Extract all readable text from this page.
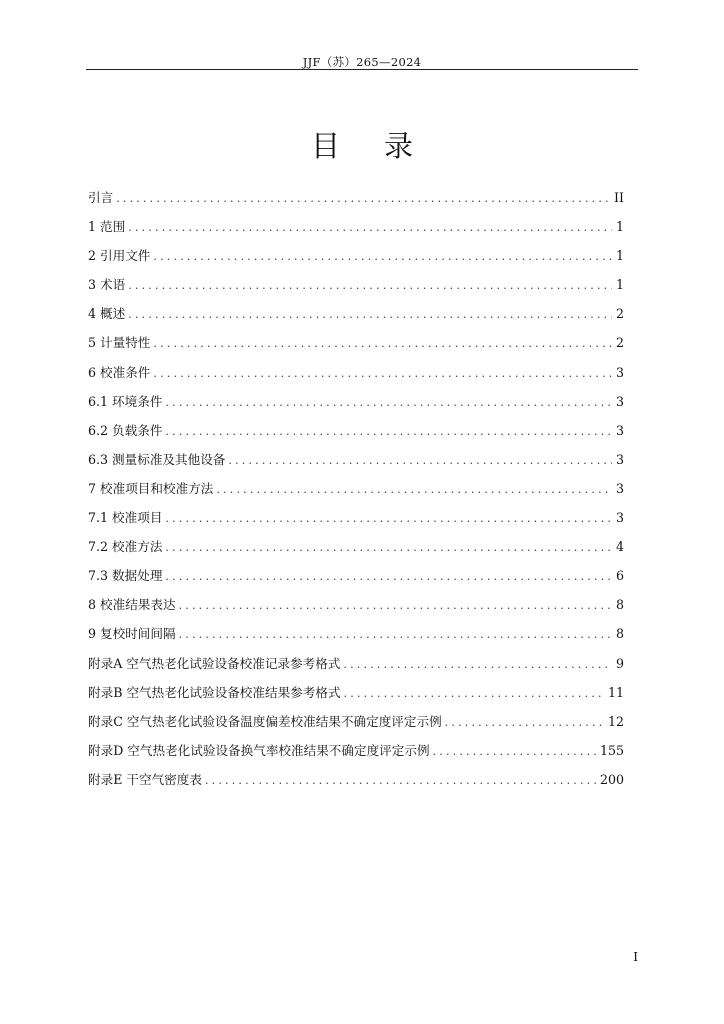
JJF（苏）265—2024
目 录
引言 .....	II
1 范围 .....	1
2 引用文件 .....	1
3 术语 .....	1
4 概述 .....	2
5 计量特性 .....	2
6 校准条件 .....	3
6.1 环境条件 .....	3
6.2 负载条件 .....	3
6.3 测量标准及其他设备 .....	3
7 校准项目和校准方法 .....	3
7.1 校准项目 .....	3
7.2 校准方法 .....	4
7.3 数据处理 .....	6
8 校准结果表达 .....	8
9 复校时间间隔 .....	8
附录A 空气热老化试验设备校准记录参考格式 .....	9
附录B 空气热老化试验设备校准结果参考格式 .....	11
附录C 空气热老化试验设备温度偏差校准结果不确定度评定示例 .....	12
附录D 空气热老化试验设备换气率校准结果不确定度评定示例 .....	155
附录E 干空气密度表 .....	200
I
